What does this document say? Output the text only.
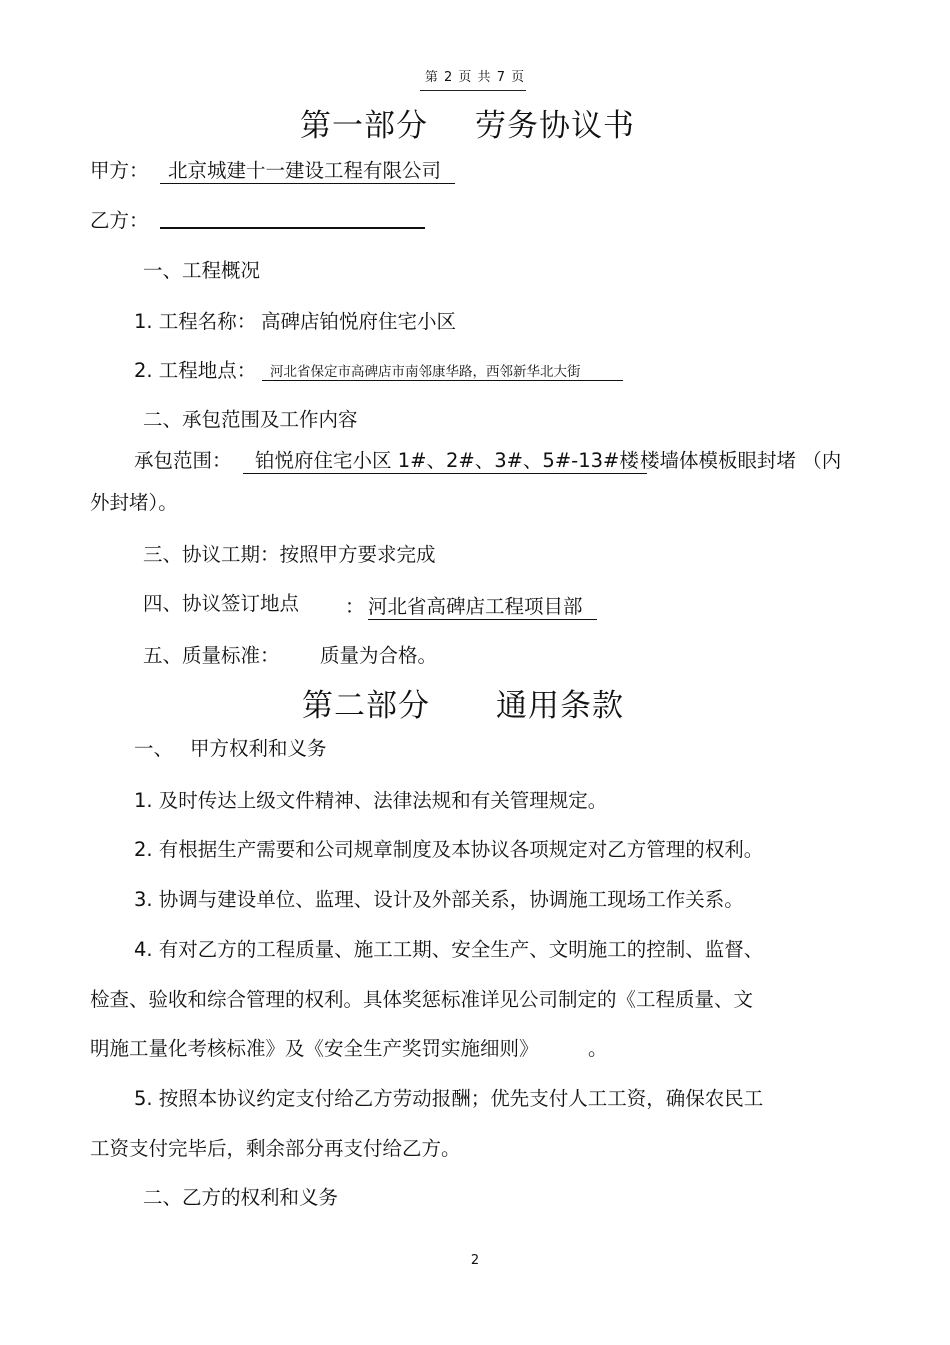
第 2 页 共 7 页
第一部分 劳务协议书
甲方： 北京城建十一建设工程有限公司
乙方：
一、工程概况
1. 工程名称： 高碑店铂悦府住宅小区
2. 工程地点：	河北省保定市高碑店市南邻康华路，西邻新华北大街
二、承包范围及工作内容
承包范围：	铂悦府住宅小区 1#、2#、3#、5#-13#楼 楼墙体模板眼封堵 （内
外封堵）。
三、协议工期：按照甲方要求完成
四、协议签订地点 ： 河北省高碑店工程项目部
五、质量标准： 质量为合格。
第二部分 通用条款
一、 甲方权利和义务
1. 及时传达上级文件精神、法律法规和有关管理规定。
2. 有根据生产需要和公司规章制度及本协议各项规定对乙方管理的权利。
3. 协调与建设单位、监理、设计及外部关系，协调施工现场工作关系。
4. 有对乙方的工程质量、施工工期、安全生产、文明施工的控制、监督、
检查、验收和综合管理的权利。具体奖惩标准详见公司制定的《工程质量、文
明施工量化考核标准》及《安全生产奖罚实施细则》	。
5. 按照本协议约定支付给乙方劳动报酬；优先支付人工工资，确保农民工
工资支付完毕后，剩余部分再支付给乙方。
二、乙方的权利和义务
2
